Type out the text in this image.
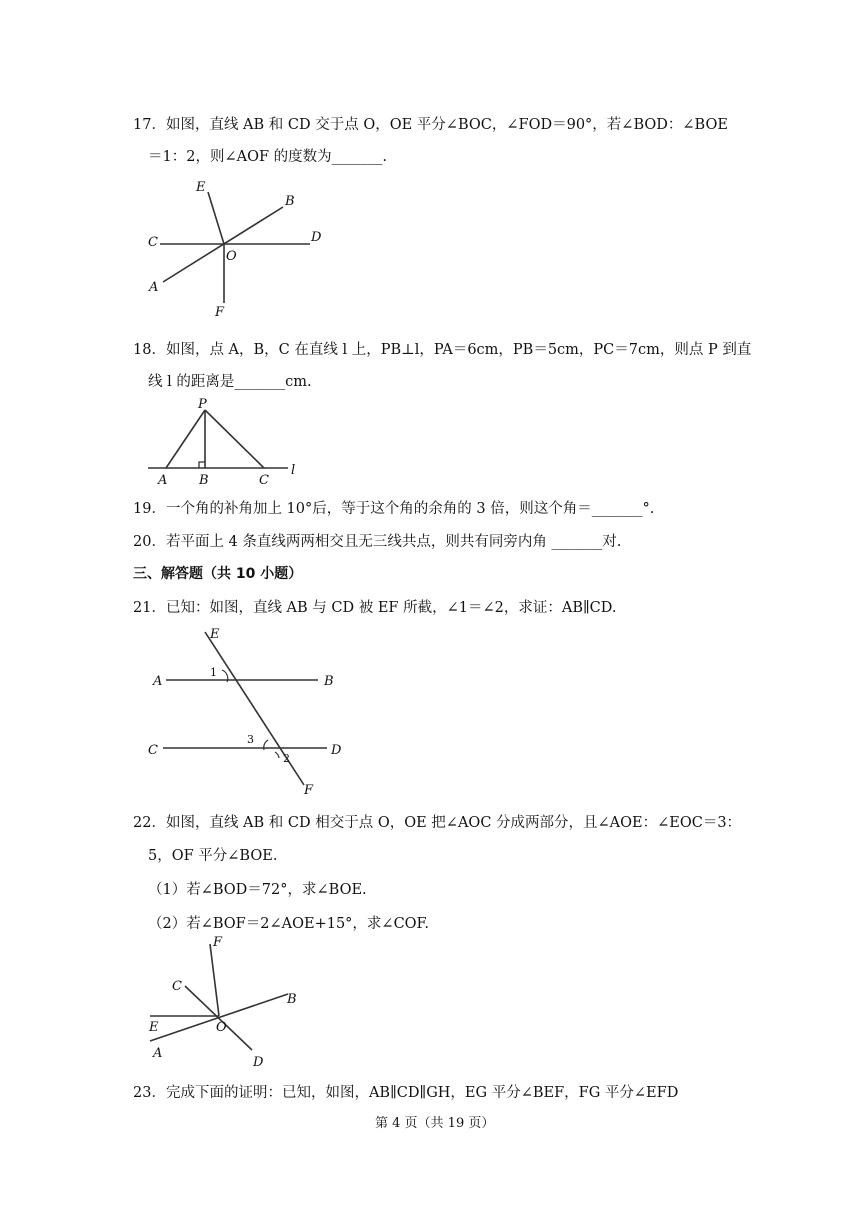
17．如图，直线 AB 和 CD 交于点 O，OE 平分∠BOC，∠FOD＝90°，若∠BOD：∠BOE
＝1：2，则∠AOF 的度数为_______.
E
B
C	D
O
A
F
18．如图，点 A，B，C 在直线 l 上，PB⊥l，PA＝6cm，PB＝5cm，PC＝7cm，则点 P 到直
线 l 的距离是_______cm.
P
A B	C
l
19．一个角的补角加上 10°后，等于这个角的余角的 3 倍，则这个角＝_______°.
20．若平面上 4 条直线两两相交且无三线共点，则共有同旁内角 _______对.
三、解答题（共 10 小题）
21．已知：如图，直线 AB 与 CD 被 EF 所截，∠1＝∠2，求证：AB∥CD.
E
A	B
1
C	D
3
2
F
22．如图，直线 AB 和 CD 相交于点 O，OE 把∠AOC 分成两部分，且∠AOE：∠EOC＝3：
5，OF 平分∠BOE.
（1）若∠BOD＝72°，求∠BOE.
（2）若∠BOF＝2∠AOE+15°，求∠COF.
F
C
B
E	O
A
D
23．完成下面的证明：已知，如图，AB∥CD∥GH，EG 平分∠BEF，FG 平分∠EFD
第 4 页（共 19 页）
